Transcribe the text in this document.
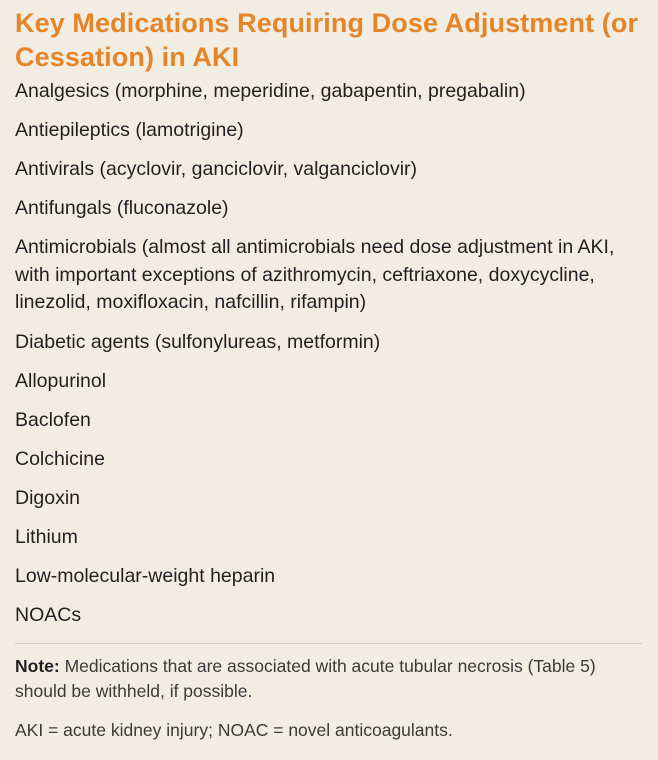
Key Medications Requiring Dose Adjustment (or Cessation) in AKI
Analgesics (morphine, meperidine, gabapentin, pregabalin)
Antiepileptics (lamotrigine)
Antivirals (acyclovir, ganciclovir, valganciclovir)
Antifungals (fluconazole)
Antimicrobials (almost all antimicrobials need dose adjustment in AKI, with important exceptions of azithromycin, ceftriaxone, doxycycline, linezolid, moxifloxacin, nafcillin, rifampin)
Diabetic agents (sulfonylureas, metformin)
Allopurinol
Baclofen
Colchicine
Digoxin
Lithium
Low-molecular-weight heparin
NOACs

Note: Medications that are associated with acute tubular necrosis (Table 5) should be withheld, if possible.

AKI = acute kidney injury; NOAC = novel anticoagulants.
